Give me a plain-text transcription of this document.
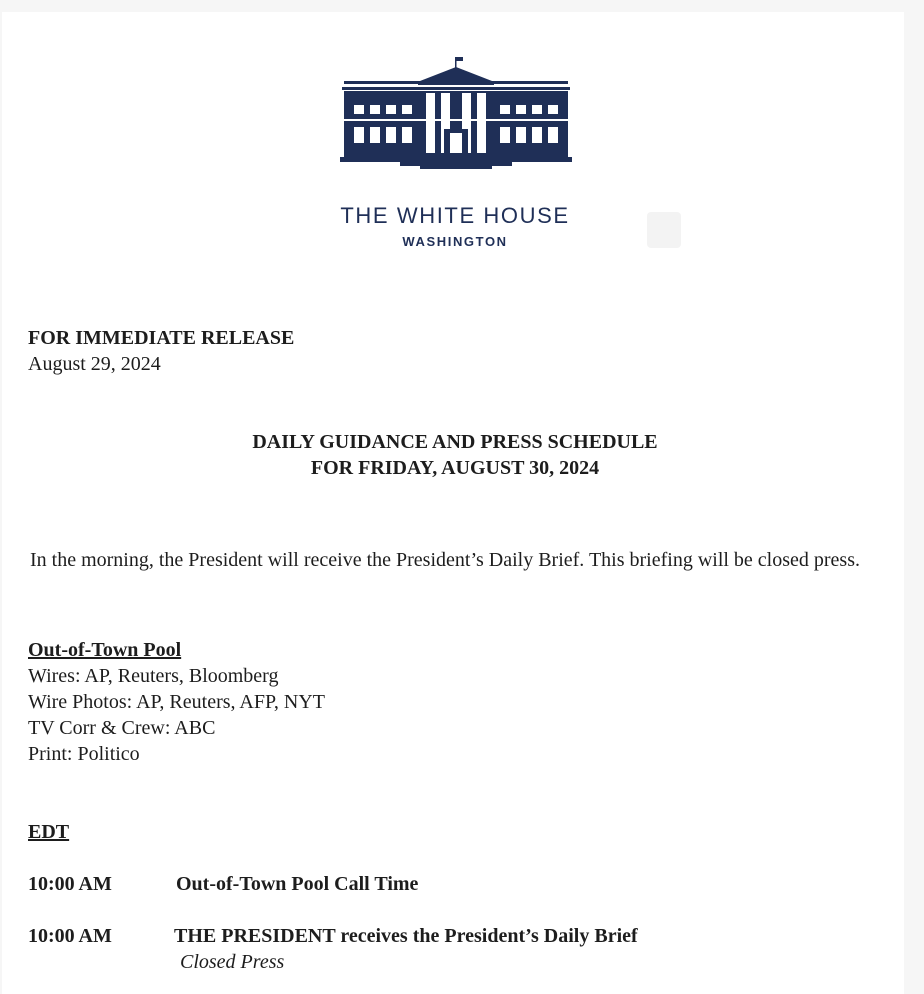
THE WHITE HOUSE
WASHINGTON
FOR IMMEDIATE RELEASE
August 29, 2024
DAILY GUIDANCE AND PRESS SCHEDULE
FOR FRIDAY, AUGUST 30, 2024
In the morning, the President will receive the President’s Daily Brief. This briefing will be closed press.
Out-of-Town Pool
Wires: AP, Reuters, Bloomberg
Wire Photos: AP, Reuters, AFP, NYT
TV Corr & Crew: ABC
Print: Politico
EDT
10:00 AM	Out-of-Town Pool Call Time
10:00 AM	THE PRESIDENT receives the President’s Daily Brief
Closed Press
